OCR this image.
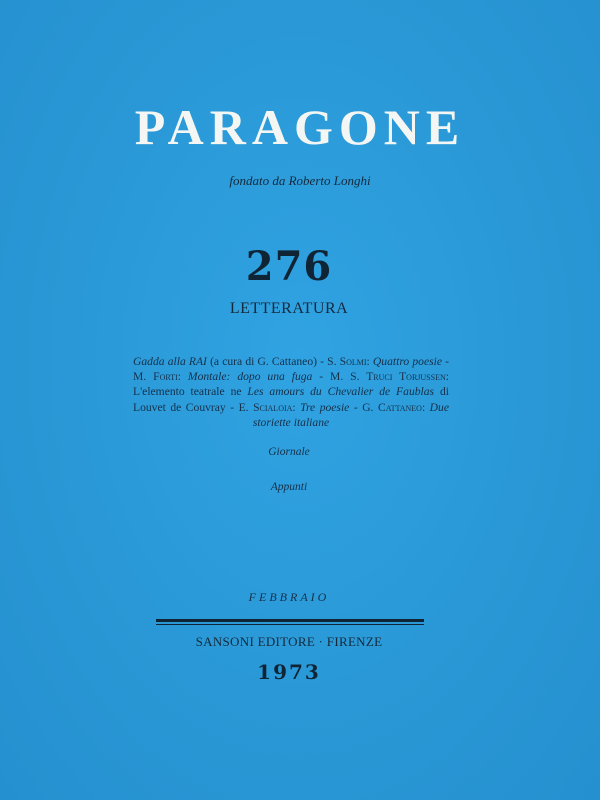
PARAGONE
fondato da Roberto Longhi
276
LETTERATURA
Gadda alla RAI (a cura di G. Cattaneo) - S. Solmi: Quattro poesie - M. Forti: Montale: dopo una fuga - M. S. Truci Torjussen: L'elemento teatrale ne Les amours du Chevalier de Faublas di Louvet de Couvray - E. Scialoia: Tre poesie - G. Cattaneo: Due storiette italiane
Giornale
Appunti
FEBBRAIO
SANSONI EDITORE · FIRENZE
1973
